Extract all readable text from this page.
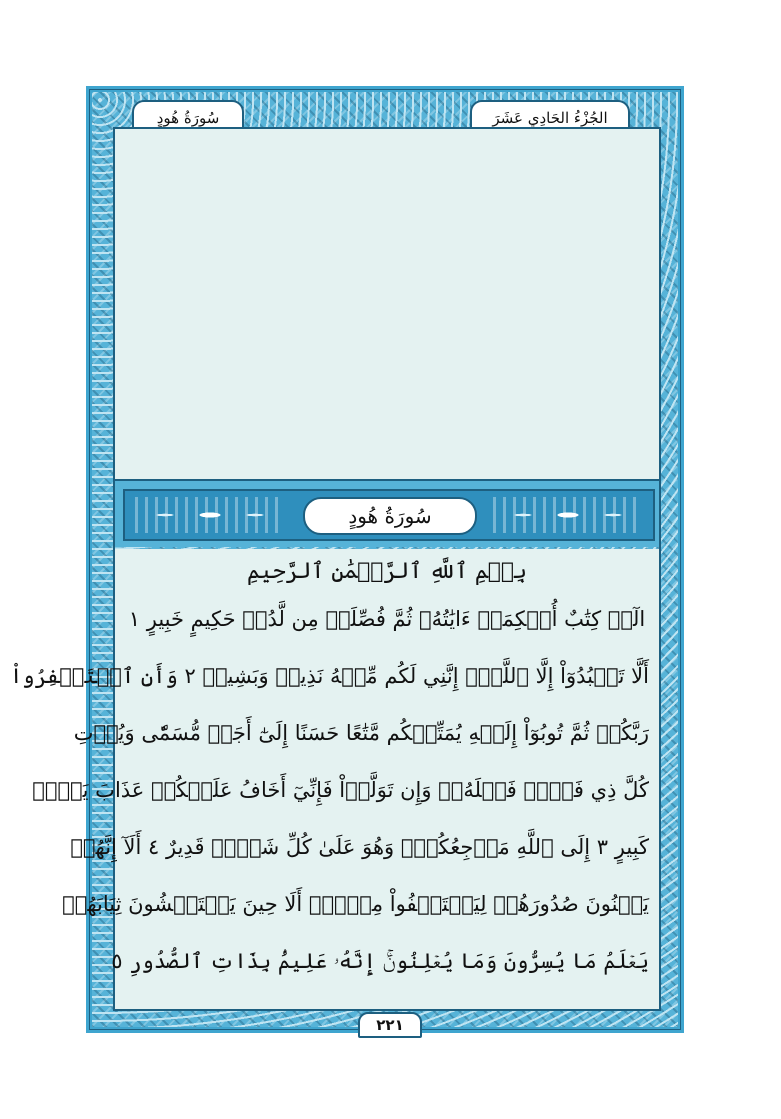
سُورَةُ هُودٍ	الجُزْءُ الحَادِي عَشَرَ
سُورَةُ هُودٍ
بِسۡمِ ٱللَّهِ ٱلرَّحۡمَٰنِ ٱلرَّحِيمِ
الٓرۚ كِتَٰبٌ أُحۡكِمَتۡ ءَايَٰتُهُۥ ثُمَّ فُصِّلَتۡ مِن لَّدُنۡ حَكِيمٍ خَبِيرٍ ١
أَلَّا تَعۡبُدُوٓاْ إِلَّا ٱللَّهَۚ إِنَّنِي لَكُم مِّنۡهُ نَذِيرٞ وَبَشِيرٞ ٢ وَأَنِ ٱسۡتَغۡفِرُواْ
رَبَّكُمۡ ثُمَّ تُوبُوٓاْ إِلَيۡهِ يُمَتِّعۡكُم مَّتَٰعًا حَسَنًا إِلَىٰٓ أَجَلٖ مُّسَمّٗى وَيُؤۡتِ
كُلَّ ذِي فَضۡلٖ فَضۡلَهُۥۖ وَإِن تَوَلَّوۡاْ فَإِنِّيٓ أَخَافُ عَلَيۡكُمۡ عَذَابَ يَوۡمٖ
كَبِيرٍ ٣ إِلَى ٱللَّهِ مَرۡجِعُكُمۡۖ وَهُوَ عَلَىٰ كُلِّ شَيۡءٖ قَدِيرٌ ٤ أَلَآ إِنَّهُمۡ
يَثۡنُونَ صُدُورَهُمۡ لِيَسۡتَخۡفُواْ مِنۡهُۚ أَلَا حِينَ يَسۡتَغۡشُونَ ثِيَابَهُمۡ
يَعۡلَمُ مَا يُسِرُّونَ وَمَا يُعۡلِنُونَۚ إِنَّهُۥ عَلِيمُۢ بِذَاتِ ٱلصُّدُورِ ٥
٢٢١
